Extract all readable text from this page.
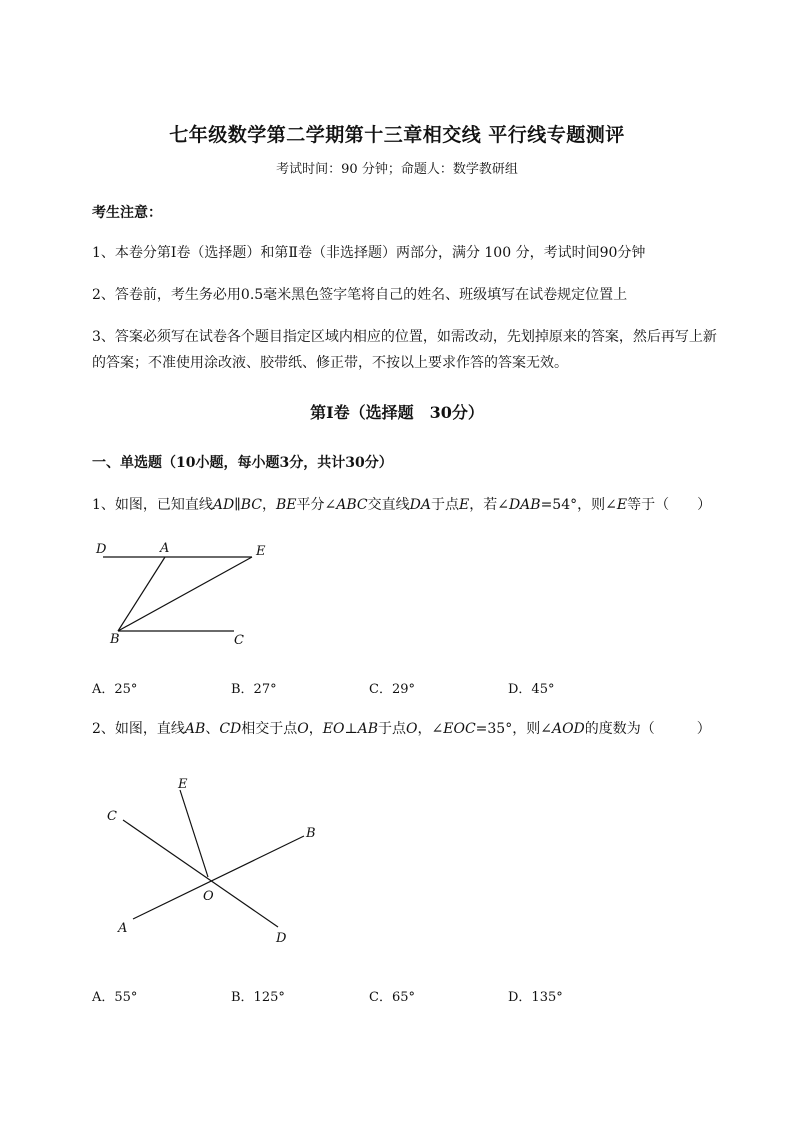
七年级数学第二学期第十三章相交线 平行线专题测评
考试时间：90 分钟；命题人：数学教研组
考生注意：
1、本卷分第Ⅰ卷（选择题）和第Ⅱ卷（非选择题）两部分，满分 100 分，考试时间90分钟
2、答卷前，考生务必用0.5毫米黑色签字笔将自己的姓名、班级填写在试卷规定位置上
3、答案必须写在试卷各个题目指定区域内相应的位置，如需改动，先划掉原来的答案，然后再写上新
的答案；不准使用涂改液、胶带纸、修正带，不按以上要求作答的答案无效。
第Ⅰ卷（选择题　30分）
一、单选题（10小题，每小题3分，共计30分）
1、如图，已知直线AD∥BC，BE平分∠ABC交直线DA于点E，若∠DAB=54°，则∠E等于（　　）
D	A	E
B	C
A．25°	B．27°	C．29°	D．45°
2、如图，直线AB、CD相交于点O，EO⊥AB于点O，∠EOC=35°，则∠AOD的度数为（　　　）
E
C
B
O
A
D
A．55°	B．125°	C．65°	D．135°
